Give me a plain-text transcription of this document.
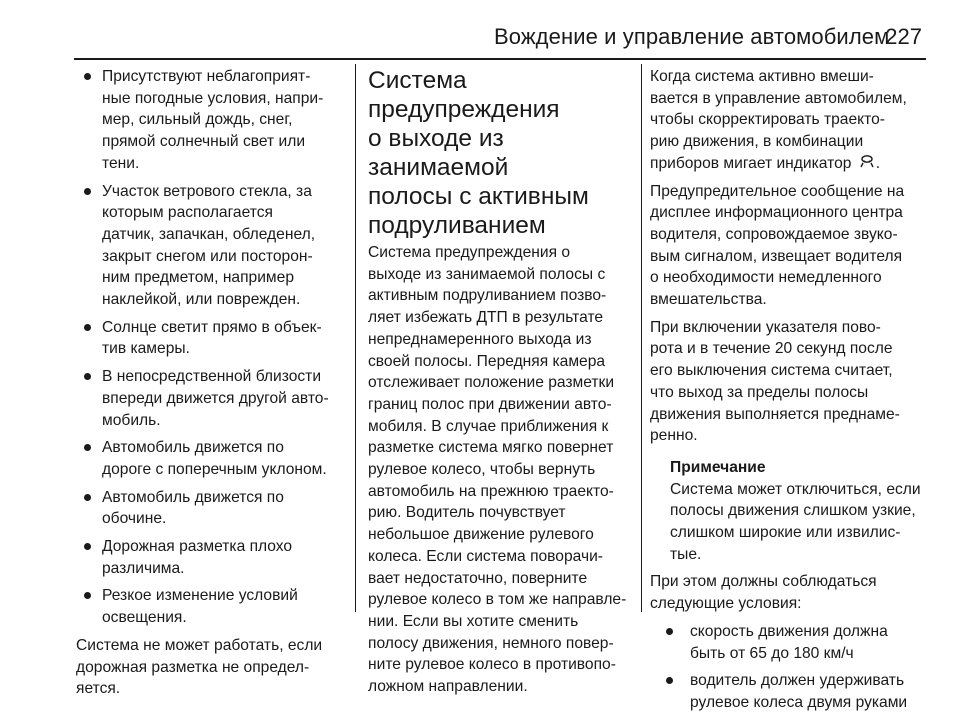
Вождение и управление автомобилем
227
Присутствуют неблагоприят-
ные погодные условия, напри-
мер, сильный дождь, снег,
прямой солнечный свет или
тени.
Участок ветрового стекла, за
которым располагается
датчик, запачкан, обледенел,
закрыт снегом или посторон-
ним предметом, например
наклейкой, или поврежден.
Солнце светит прямо в объек-
тив камеры.
В непосредственной близости
впереди движется другой авто-
мобиль.
Автомобиль движется по
дороге с поперечным уклоном.
Автомобиль движется по
обочине.
Дорожная разметка плохо
различима.
Резкое изменение условий
освещения.

Система не может работать, если
дорожная разметка не определ-
яется.

Система предупреждения
о выходе из занимаемой
полосы с активным
подруливанием

Система предупреждения о
выходе из занимаемой полосы с
активным подруливанием позво-
ляет избежать ДТП в результате
непреднамеренного выхода из
своей полосы. Передняя камера
отслеживает положение разметки
границ полос при движении авто-
мобиля. В случае приближения к
разметке система мягко повернет
рулевое колесо, чтобы вернуть
автомобиль на прежнюю траекто-
рию. Водитель почувствует
небольшое движение рулевого
колеса. Если система поворачи-
вает недостаточно, поверните
рулевое колесо в том же направле-
нии. Если вы хотите сменить
полосу движения, немного повер-
ните рулевое колесо в противопо-
ложном направлении.

Когда система активно вмеши-
вается в управление автомобилем,
чтобы скорректировать траекто-
рию движения, в комбинации
приборов мигает индикатор .

Предупредительное сообщение на
дисплее информационного центра
водителя, сопровождаемое звуко-
вым сигналом, извещает водителя
о необходимости немедленного
вмешательства.

При включении указателя пово-
рота и в течение 20 секунд после
его выключения система считает,
что выход за пределы полосы
движения выполняется преднаме-
ренно.

Примечание
Система может отключиться, если
полосы движения слишком узкие,
слишком широкие или извилис-
тые.

При этом должны соблюдаться
следующие условия:

скорость движения должна
быть от 65 до 180 км/ч
водитель должен удерживать
рулевое колеса двумя руками
